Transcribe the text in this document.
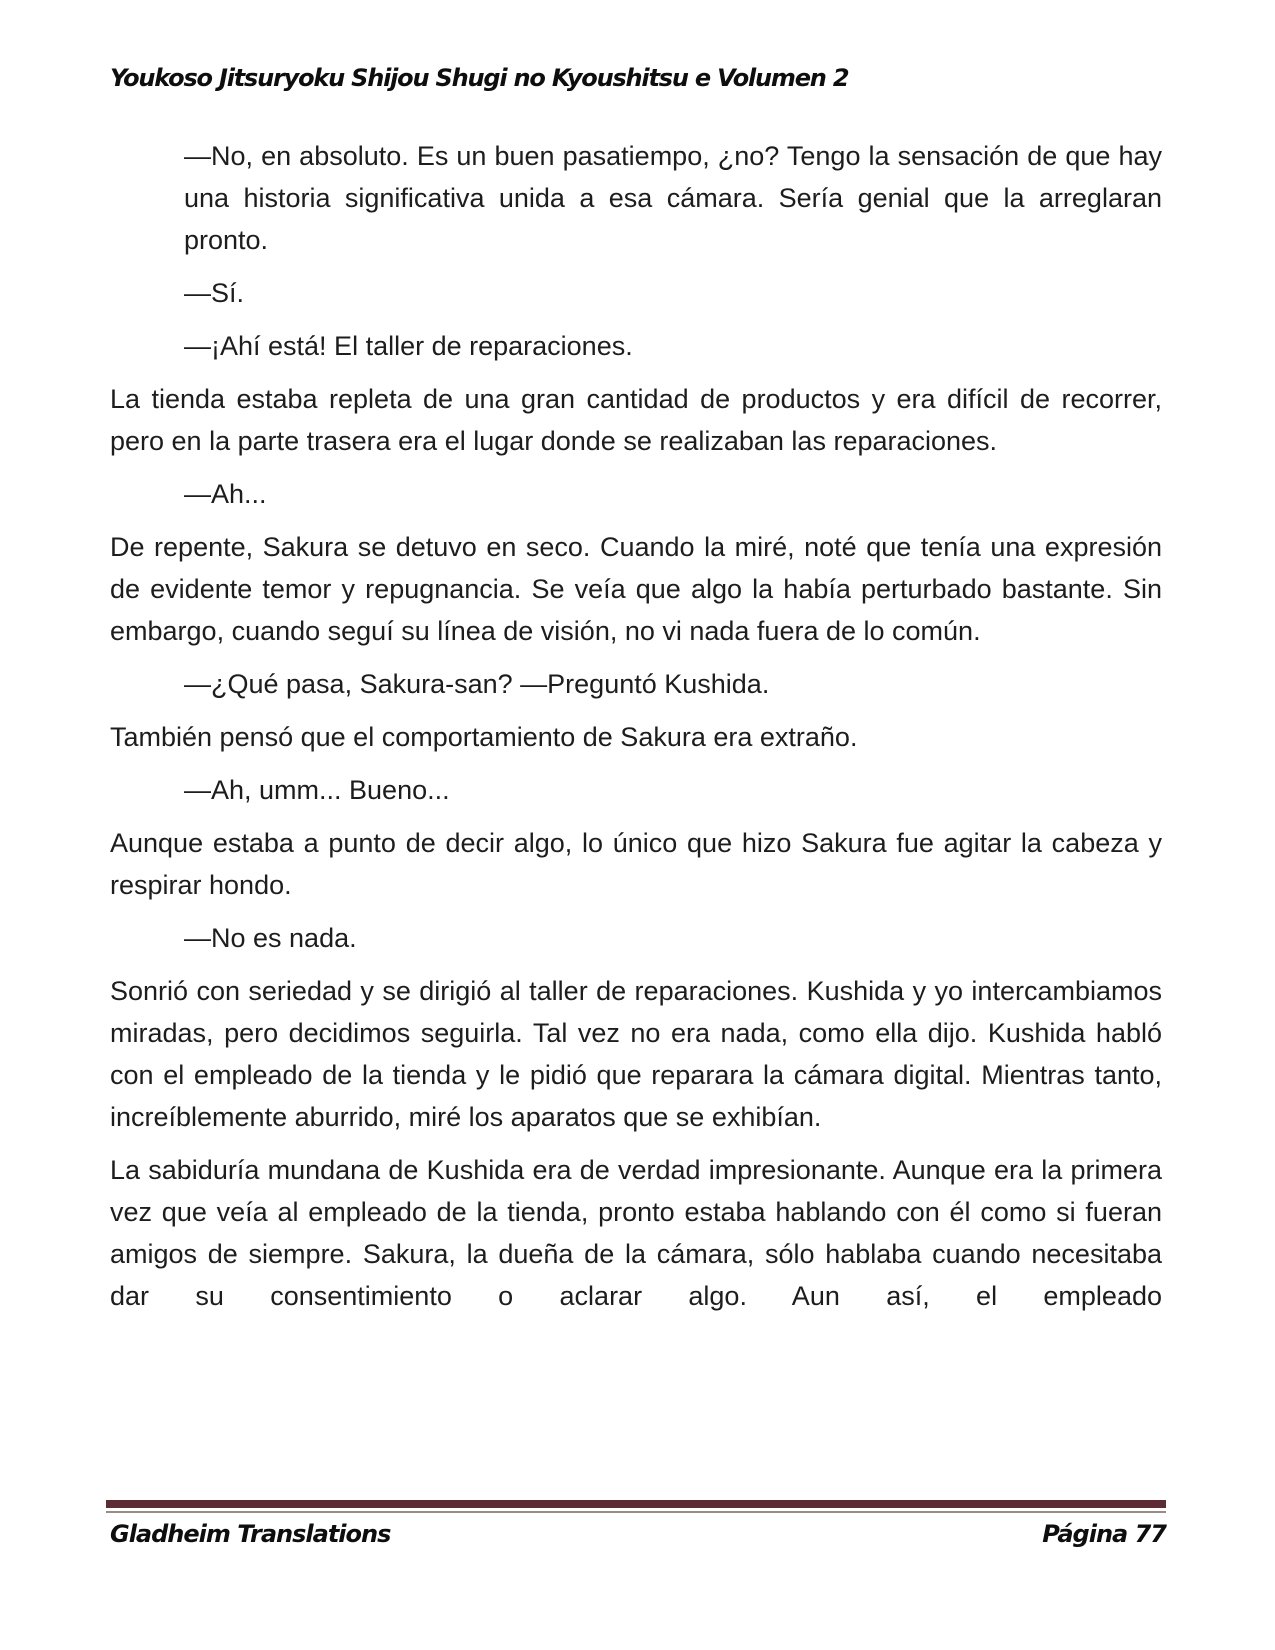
Youkoso Jitsuryoku Shijou Shugi no Kyoushitsu e Volumen 2

—No, en absoluto. Es un buen pasatiempo, ¿no? Tengo la sensación de que hay una historia significativa unida a esa cámara. Sería genial que la arreglaran pronto.

—Sí.

—¡Ahí está! El taller de reparaciones.

La tienda estaba repleta de una gran cantidad de productos y era difícil de recorrer, pero en la parte trasera era el lugar donde se realizaban las reparaciones.

—Ah...

De repente, Sakura se detuvo en seco. Cuando la miré, noté que tenía una expresión de evidente temor y repugnancia. Se veía que algo la había perturbado bastante. Sin embargo, cuando seguí su línea de visión, no vi nada fuera de lo común.

—¿Qué pasa, Sakura-san? —Preguntó Kushida.

También pensó que el comportamiento de Sakura era extraño.

—Ah, umm... Bueno...

Aunque estaba a punto de decir algo, lo único que hizo Sakura fue agitar la cabeza y respirar hondo.

—No es nada.

Sonrió con seriedad y se dirigió al taller de reparaciones. Kushida y yo intercambiamos miradas, pero decidimos seguirla. Tal vez no era nada, como ella dijo. Kushida habló con el empleado de la tienda y le pidió que reparara la cámara digital. Mientras tanto, increíblemente aburrido, miré los aparatos que se exhibían.

La sabiduría mundana de Kushida era de verdad impresionante. Aunque era la primera vez que veía al empleado de la tienda, pronto estaba hablando con él como si fueran amigos de siempre. Sakura, la dueña de la cámara, sólo hablaba cuando necesitaba dar su consentimiento o aclarar algo. Aun así, el empleado

Gladheim Translations	Página 77
